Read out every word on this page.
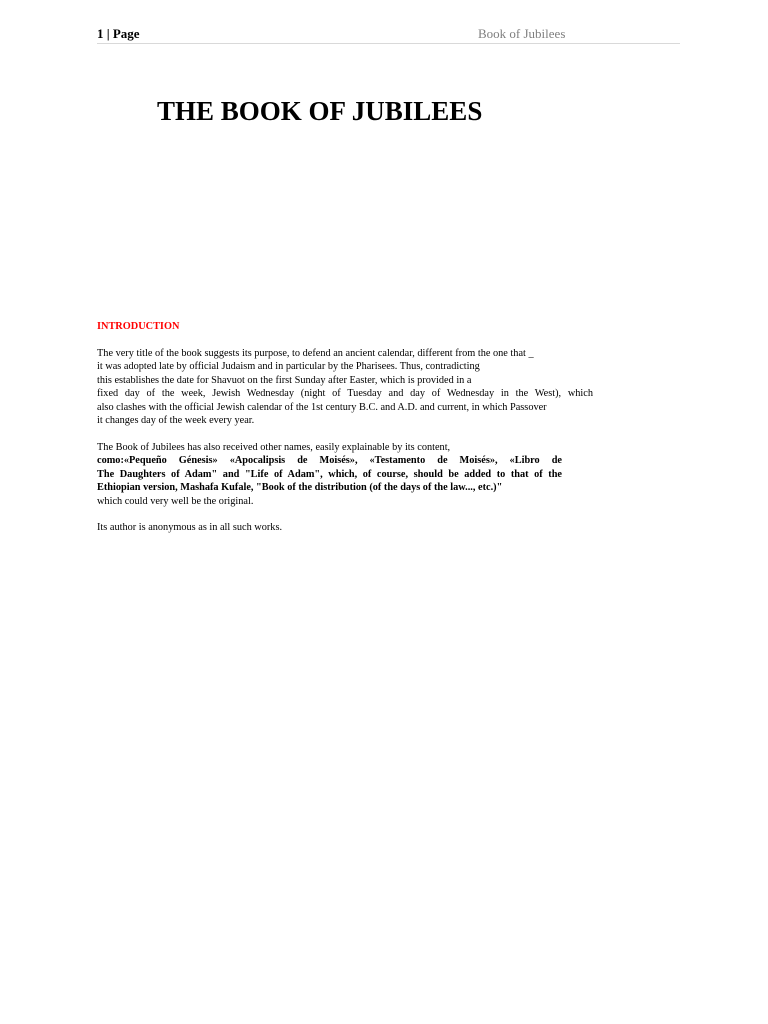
1 | Page	Book of Jubilees
THE BOOK OF JUBILEES
INTRODUCTION
The very title of the book suggests its purpose, to defend an ancient calendar, different from the one that _
it was adopted late by official Judaism and in particular by the Pharisees. Thus, contradicting
this establishes the date for Shavuot on the first Sunday after Easter, which is provided in a
fixed day of the week, Jewish Wednesday (night of Tuesday and day of Wednesday in the West), which
also clashes with the official Jewish calendar of the 1st century B.C. and A.D. and current, in which Passover
it changes day of the week every year.
The Book of Jubilees has also received other names, easily explainable by its content,
como:«Pequeño Génesis» «Apocalipsis de Moisés», «Testamento de Moisés», «Libro de
The Daughters of Adam" and "Life of Adam", which, of course, should be added to that of the
Ethiopian version, Mashafa Kufale, "Book of the distribution (of the days of the law..., etc.)"
which could very well be the original.
Its author is anonymous as in all such works.
